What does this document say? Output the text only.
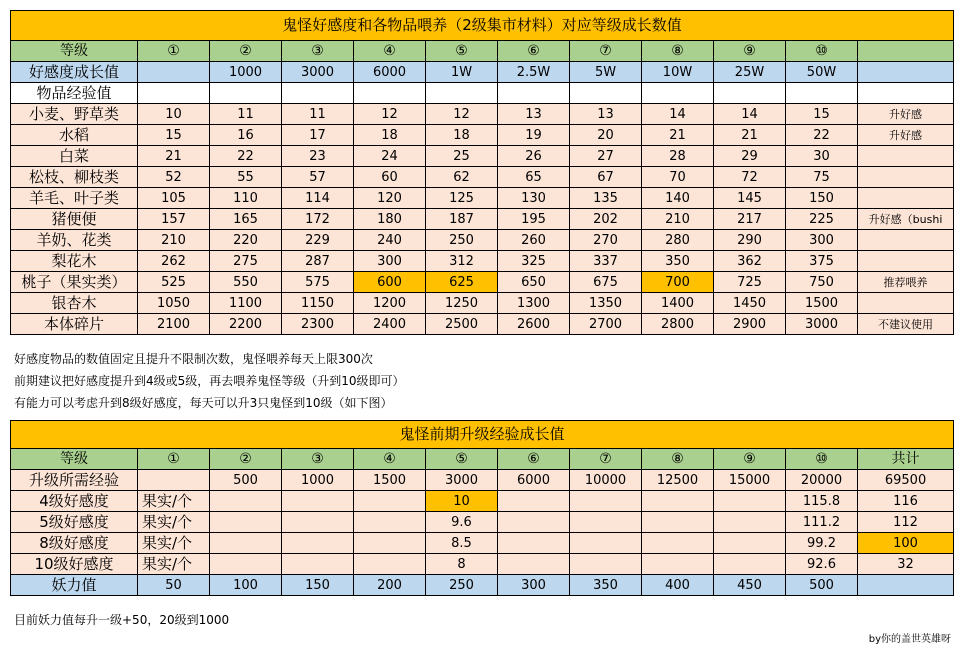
鬼怪好感度和各物品喂养（2级集市材料）对应等级成长数值											
等级	①	②	③	④	⑤	⑥	⑦	⑧	⑨	⑩	
好感度成长值		1000	3000	6000	1W	2.5W	5W	10W	25W	50W	
物品经验值											
小麦、野草类	10	11	11	12	12	13	13	14	14	15	升好感
水稻	15	16	17	18	18	19	20	21	21	22	升好感
白菜	21	22	23	24	25	26	27	28	29	30	
松枝、柳枝类	52	55	57	60	62	65	67	70	72	75	
羊毛、叶子类	105	110	114	120	125	130	135	140	145	150	
猪便便	157	165	172	180	187	195	202	210	217	225	升好感（bushi
羊奶、花类	210	220	229	240	250	260	270	280	290	300	
梨花木	262	275	287	300	312	325	337	350	362	375	
桃子（果实类）	525	550	575	600	625	650	675	700	725	750	推荐喂养
银杏木	1050	1100	1150	1200	1250	1300	1350	1400	1450	1500	
本体碎片	2100	2200	2300	2400	2500	2600	2700	2800	2900	3000	不建议使用
好感度物品的数值固定且提升不限制次数，鬼怪喂养每天上限300次
前期建议把好感度提升到4级或5级，再去喂养鬼怪等级（升到10级即可）
有能力可以考虑升到8级好感度，每天可以升3只鬼怪到10级（如下图）
鬼怪前期升级经验成长值											
等级	①	②	③	④	⑤	⑥	⑦	⑧	⑨	⑩	共计
升级所需经验		500	1000	1500	3000	6000	10000	12500	15000	20000	69500
4级好感度	果实/个				10					115.8	116
5级好感度	果实/个				9.6					111.2	112
8级好感度	果实/个				8.5					99.2	100
10级好感度	果实/个				8					92.6	32
妖力值	50	100	150	200	250	300	350	400	450	500	
目前妖力值每升一级+50，20级到1000
by你的盖世英雄呀
